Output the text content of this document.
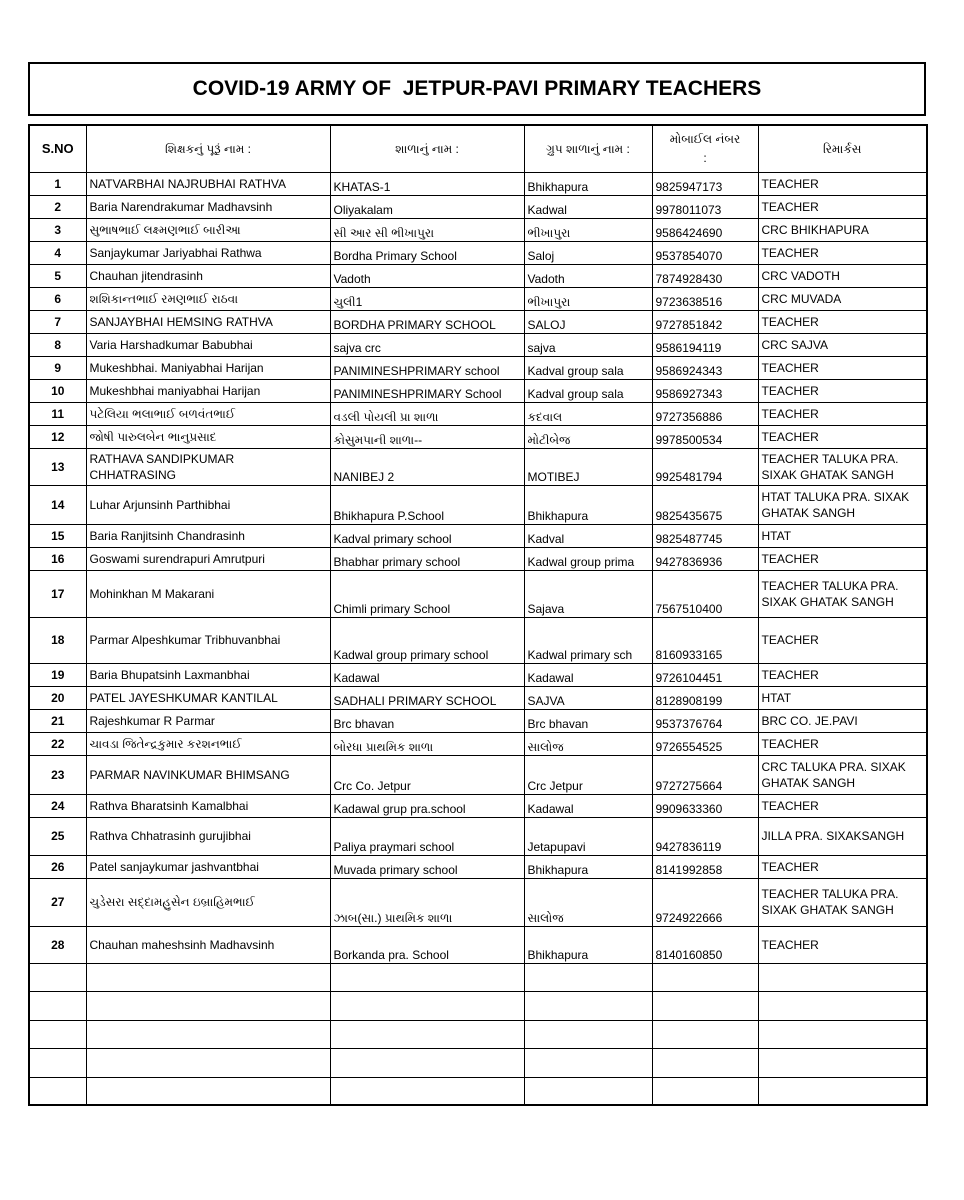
COVID-19 ARMY OF  JETPUR-PAVI PRIMARY TEACHERS
S.NO	શિક્ષકનું પૂરૂં નામ :	શાળાનું નામ :	ગ્રુપ શાળાનું નામ :	મોબાઈલ નંબર :	રિમાર્કસ
1	NATVARBHAI NAJRUBHAI RATHVA	KHATAS-1	Bhikhapura	9825947173	TEACHER

2	Baria Narendrakumar Madhavsinh	Oliyakalam	Kadwal	9978011073	TEACHER

3	સુભાષભાઈ લક્ષ્મણભાઈ બારીઆ	સી આર સી ભીખાપુરા	ભીખાપુરા	9586424690	CRC BHIKHAPURA

4	Sanjaykumar Jariyabhai Rathwa	Bordha Primary School	Saloj	9537854070	TEACHER

5	Chauhan jitendrasinh	Vadoth	Vadoth	7874928430	CRC VADOTH

6	શશિકાન્તભાઈ રમણભાઈ રાઠવા	ચુલી1	ભીખાપુરા	9723638516	CRC MUVADA

7	SANJAYBHAI HEMSING RATHVA	BORDHA PRIMARY SCHOOL	SALOJ	9727851842	TEACHER

8	Varia Harshadkumar Babubhai	sajva crc	sajva	9586194119	CRC SAJVA

9	Mukeshbhai. Maniyabhai Harijan	PANIMINESHPRIMARY school	Kadval group sala	9586924343	TEACHER

10	Mukeshbhai maniyabhai Harijan	PANIMINESHPRIMARY School	Kadval group sala	9586927343	TEACHER

11	પટેલિયા ભલાભાઈ બળવંતભાઈ	વડલી પોયલી પ્રા શાળા	કદવાલ	9727356886	TEACHER

12	જોષી પારુલબેન ભાનુપ્રસાદ	કોસુમપાની શાળા--	મોટીબેજ	9978500534	TEACHER

13	RATHAVA SANDIPKUMAR CHHATRASING	NANIBEJ 2	MOTIBEJ	9925481794	TEACHER TALUKA PRA. SIXAK GHATAK SANGH

14	Luhar Arjunsinh Parthibhai	Bhikhapura P.School	Bhikhapura	9825435675	HTAT TALUKA PRA. SIXAK GHATAK SANGH

15	Baria Ranjitsinh Chandrasinh	Kadval primary school	Kadval	9825487745	HTAT

16	Goswami surendrapuri Amrutpuri	Bhabhar primary school	Kadwal group prima	9427836936	TEACHER

17	Mohinkhan M Makarani	Chimli primary School	Sajava	7567510400	TEACHER TALUKA PRA. SIXAK GHATAK SANGH

18	Parmar Alpeshkumar Tribhuvanbhai	Kadwal group primary school	Kadwal primary sch	8160933165	TEACHER

19	Baria Bhupatsinh Laxmanbhai	Kadawal	Kadawal	9726104451	TEACHER

20	PATEL JAYESHKUMAR KANTILAL	SADHALI PRIMARY SCHOOL	SAJVA	8128908199	HTAT

21	Rajeshkumar R Parmar	Brc bhavan	Brc bhavan	9537376764	BRC CO. JE.PAVI

22	ચાવડા જિતેન્દ્રકુમાર કરશનભાઈ	બોરધા પ્રાથમિક શાળા	સાલોજ	9726554525	TEACHER

23	PARMAR NAVINKUMAR BHIMSANG	Crc Co. Jetpur	Crc Jetpur	9727275664	CRC TALUKA PRA. SIXAK GHATAK SANGH

24	Rathva Bharatsinh Kamalbhai	Kadawal grup pra.school	Kadawal	9909633360	TEACHER

25	Rathva Chhatrasinh gurujibhai	Paliya praymari school	Jetapupavi	9427836119	JILLA PRA. SIXAKSANGH

26	Patel sanjaykumar jashvantbhai	Muvada primary school	Bhikhapura	8141992858	TEACHER

27	ચુડેસરા સદ્દામહુસેન ઇબ્રાહિમભાઈ	ઝાબ(સા.) પ્રાથમિક શાળા	સાલોજ	9724922666	TEACHER TALUKA PRA. SIXAK GHATAK SANGH

28	Chauhan maheshsinh Madhavsinh	Borkanda pra. School	Bhikhapura	8140160850	TEACHER
